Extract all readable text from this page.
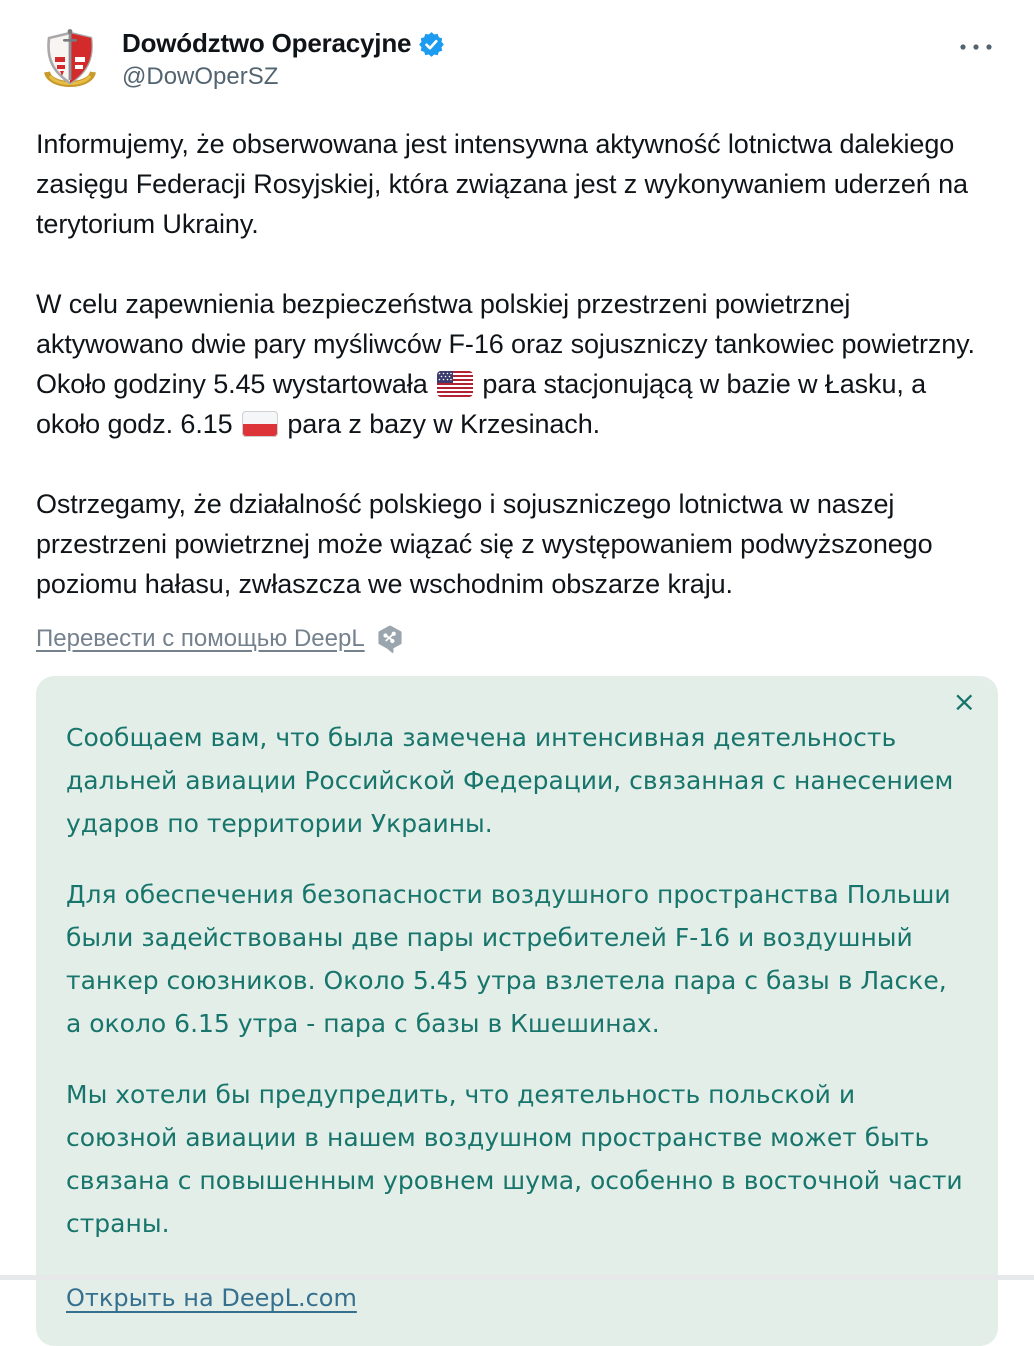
Dowództwo Operacyjne
@DowOperSZ

Informujemy, że obserwowana jest intensywna aktywność lotnictwa dalekiego zasięgu Federacji Rosyjskiej, która związana jest z wykonywaniem uderzeń na terytorium Ukrainy.

W celu zapewnienia bezpieczeństwa polskiej przestrzeni powietrznej aktywowano dwie pary myśliwców F-16 oraz sojuszniczy tankowiec powietrzny. Około godziny 5.45 wystartowała para stacjonującą w bazie w Łasku, a około godz. 6.15 para z bazy w Krzesinach.

Ostrzegamy, że działalność polskiego i sojuszniczego lotnictwa w naszej przestrzeni powietrznej może wiązać się z występowaniem podwyższonego poziomu hałasu, zwłaszcza we wschodnim obszarze kraju.

Перевести с помощью DeepL
×

Сообщаем вам, что была замечена интенсивная деятельность дальней авиации Российской Федерации, связанная с нанесением ударов по территории Украины.

Для обеспечения безопасности воздушного пространства Польши были задействованы две пары истребителей F-16 и воздушный танкер союзников. Около 5.45 утра взлетела пара с базы в Ласке, а около 6.15 утра - пара с базы в Кшешинах.

Мы хотели бы предупредить, что деятельность польской и союзной авиации в нашем воздушном пространстве может быть связана с повышенным уровнем шума, особенно в восточной части страны.

Открыть на DeepL.com
